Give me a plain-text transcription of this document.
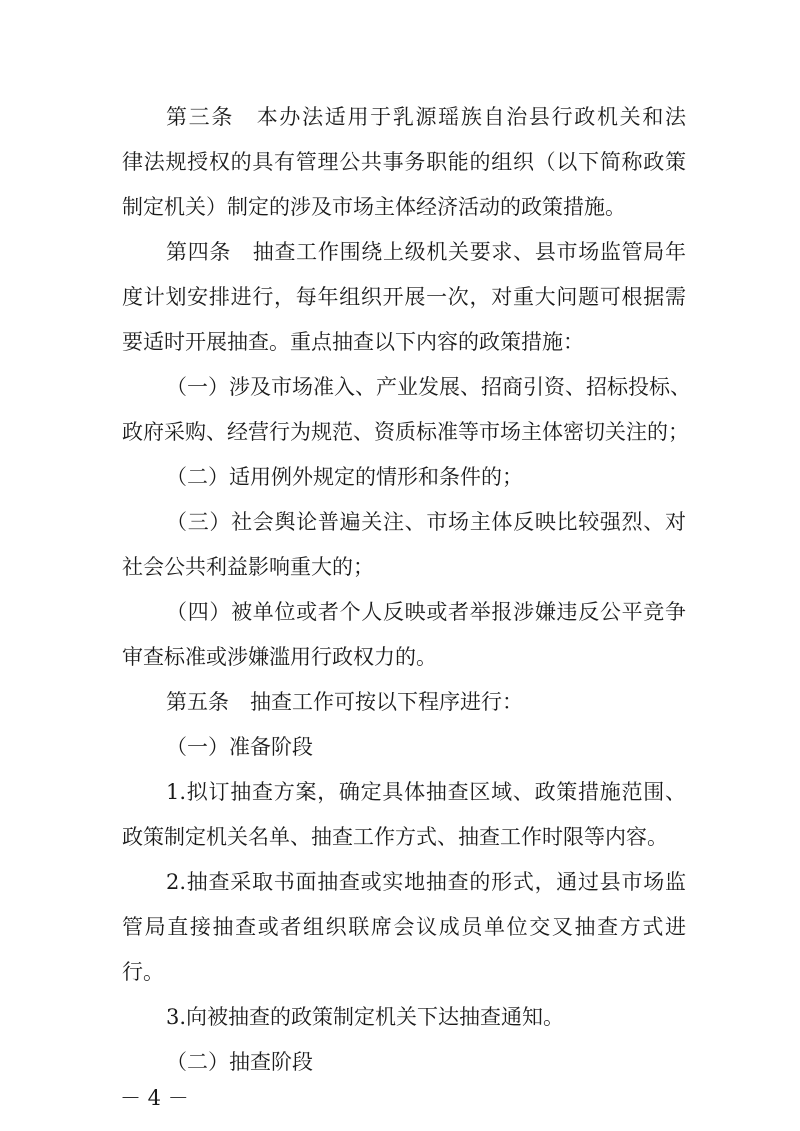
第三条　本办法适用于乳源瑶族自治县行政机关和法
律法规授权的具有管理公共事务职能的组织（以下简称政策
制定机关）制定的涉及市场主体经济活动的政策措施。
第四条　抽查工作围绕上级机关要求、县市场监管局年
度计划安排进行，每年组织开展一次，对重大问题可根据需
要适时开展抽查。重点抽查以下内容的政策措施：
（一）涉及市场准入、产业发展、招商引资、招标投标、
政府采购、经营行为规范、资质标准等市场主体密切关注的；
（二）适用例外规定的情形和条件的；
（三）社会舆论普遍关注、市场主体反映比较强烈、对
社会公共利益影响重大的；
（四）被单位或者个人反映或者举报涉嫌违反公平竞争
审查标准或涉嫌滥用行政权力的。
第五条　抽查工作可按以下程序进行：
（一）准备阶段
1.拟订抽查方案，确定具体抽查区域、政策措施范围、
政策制定机关名单、抽查工作方式、抽查工作时限等内容。
2.抽查采取书面抽查或实地抽查的形式，通过县市场监
管局直接抽查或者组织联席会议成员单位交叉抽查方式进
行。
3.向被抽查的政策制定机关下达抽查通知。
（二）抽查阶段
－ 4 －
